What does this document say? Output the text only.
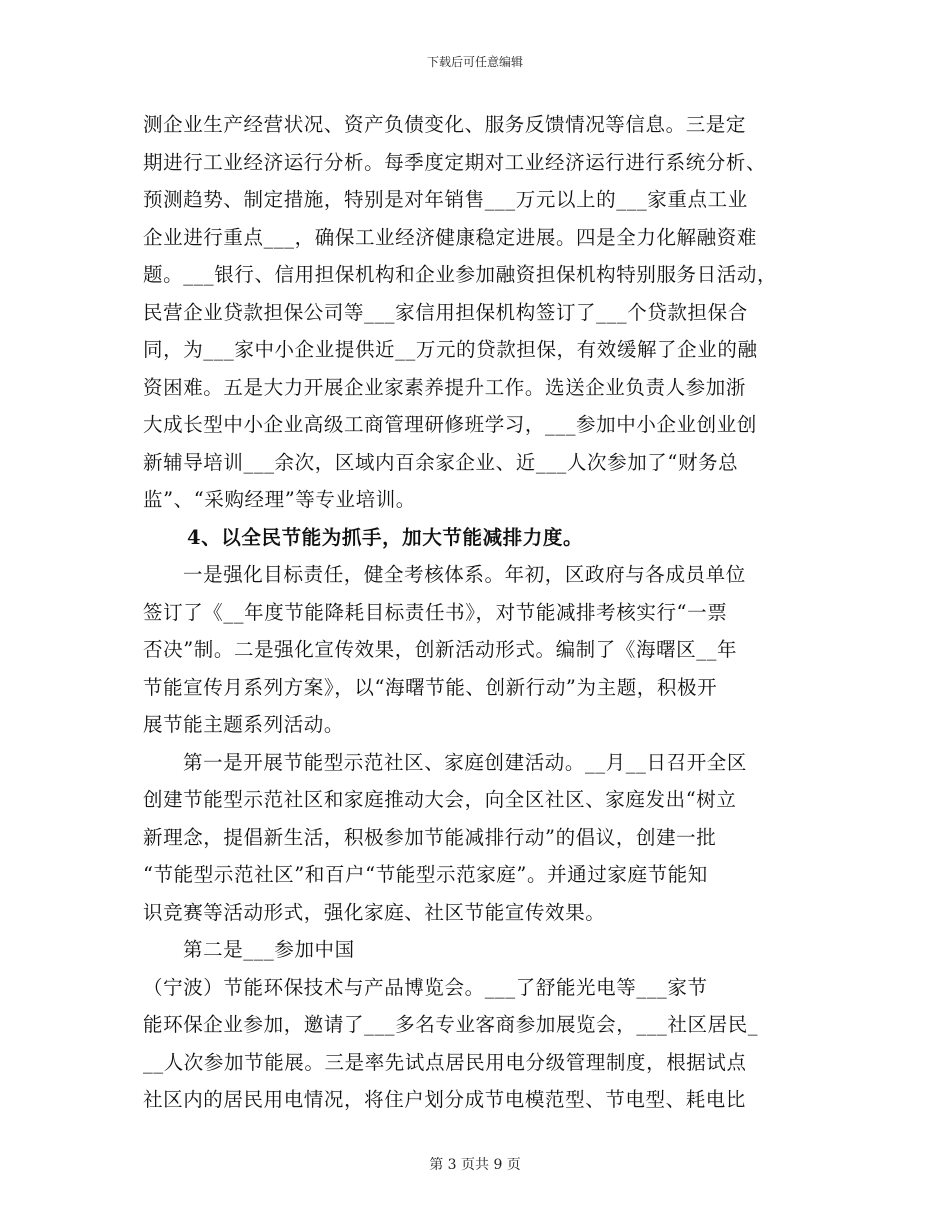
下载后可任意编辑
测企业生产经营状况、资产负债变化、服务反馈情况等信息。三是定
期进行工业经济运行分析。每季度定期对工业经济运行进行系统分析、
预测趋势、制定措施，特别是对年销售___万元以上的___家重点工业
企业进行重点___，确保工业经济健康稳定进展。四是全力化解融资难
题。___银行、信用担保机构和企业参加融资担保机构特别服务日活动，
民营企业贷款担保公司等___家信用担保机构签订了___个贷款担保合
同，为___家中小企业提供近__万元的贷款担保，有效缓解了企业的融
资困难。五是大力开展企业家素养提升工作。选送企业负责人参加浙
大成长型中小企业高级工商管理研修班学习，___参加中小企业创业创
新辅导培训___余次，区域内百余家企业、近___人次参加了“财务总
监”、“采购经理”等专业培训。
4、以全民节能为抓手，加大节能减排力度。
一是强化目标责任，健全考核体系。年初，区政府与各成员单位
签订了《__年度节能降耗目标责任书》，对节能减排考核实行“一票
否决”制。二是强化宣传效果，创新活动形式。编制了《海曙区__年
节能宣传月系列方案》，以“海曙节能、创新行动”为主题，积极开
展节能主题系列活动。
第一是开展节能型示范社区、家庭创建活动。__月__日召开全区
创建节能型示范社区和家庭推动大会，向全区社区、家庭发出“树立
新理念，提倡新生活，积极参加节能减排行动”的倡议，创建一批
“节能型示范社区”和百户“节能型示范家庭”。并通过家庭节能知
识竞赛等活动形式，强化家庭、社区节能宣传效果。
第二是___参加中国
（宁波）节能环保技术与产品博览会。___了舒能光电等___家节
能环保企业参加，邀请了___多名专业客商参加展览会，___社区居民_
__人次参加节能展。三是率先试点居民用电分级管理制度，根据试点
社区内的居民用电情况，将住户划分成节电模范型、节电型、耗电比
第 3 页共 9 页
